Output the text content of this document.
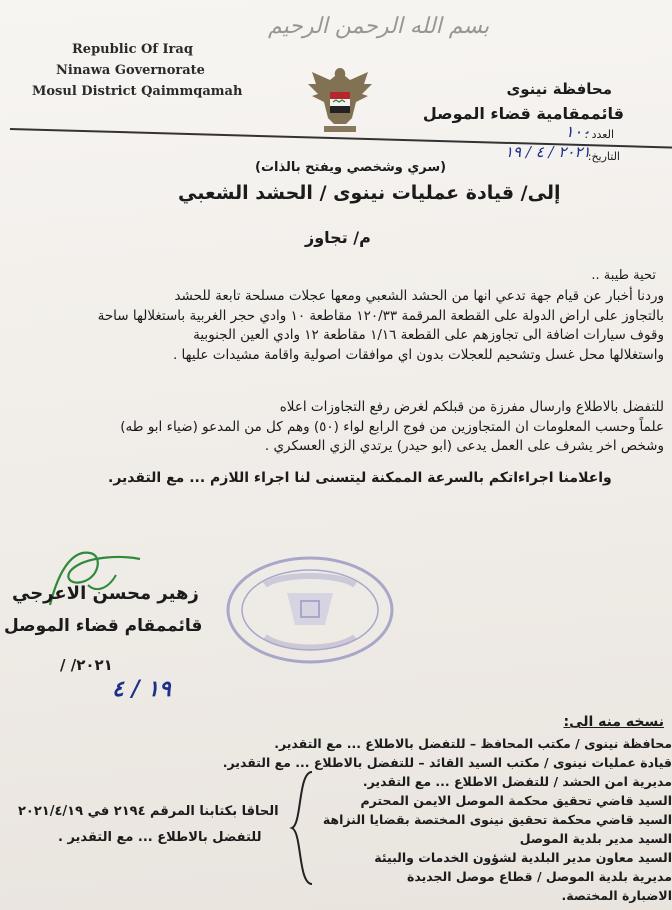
بسم الله الرحمن الرحيم
Republic Of Iraq
Ninawa Governorate
Mosul District Qaimmqamah	محافظة نينوى
قائممقامية قضاء الموصل
العدد :
١٠٠
التاريخ:
٢٠٢١ / ٤ / ١٩
(سري وشخصي ويفتح بالذات)
إلى/ قيادة عمليات نينوى / الحشد الشعبي
م/ تجاوز
تحية طيبة ..
وردنا أخبار عن قيام جهة تدعي انها من الحشد الشعبي ومعها عجلات مسلحة تابعة للحشد
بالتجاوز على اراض الدولة على القطعة المرقمة ١٢٠/٣٣ مقاطعة ١٠ وادي حجر الغربية باستغلالها ساحة
وقوف سيارات اضافة الى تجاوزهم على القطعة ١/١٦ مقاطعة ١٢ وادي العين الجنوبية
واستغلالها محل غسل وتشحيم للعجلات بدون اي موافقات اصولية واقامة مشيدات عليها .
للتفضل بالاطلاع وارسال مفرزة من قبلكم لغرض رفع التجاوزات اعلاه
علماً وحسب المعلومات ان المتجاوزين من فوج الرابع لواء (٥٠) وهم كل من المدعو (ضياء ابو طه)
وشخص اخر يشرف على العمل يدعى (ابو حيدر) يرتدي الزي العسكري .
واعلامنا اجراءاتكم بالسرعة الممكنة ليتسنى لنا اجراء اللازم ... مع التقدير.
زهير محسن الاعرجي
قائممقام قضاء الموصل
٢٠٢١/ /
١٩ / ٤
نسخه منه الى:
محافظة نينوى / مكتب المحافظ – للتفضل بالاطلاع ... مع التقدير.
قيادة عمليات نينوى / مكتب السيد القائد – للتفضل بالاطلاع ... مع التقدير.
مديرية امن الحشد / للتفضل الاطلاع ... مع التقدير.
السيد قاضي تحقيق محكمة الموصل الايمن المحترم
السيد قاضي محكمة تحقيق نينوى المختصة بقضايا النزاهة
السيد مدير بلدية الموصل
السيد معاون مدير البلدية لشؤون الخدمات والبيئة
مديرية بلدية الموصل / قطاع موصل الجديدة
الاضبارة المختصة.
الحاقا بكتابنا المرقم ٢١٩٤ في ٢٠٢١/٤/١٩
للتفضل بالاطلاع ... مع التقدير .
